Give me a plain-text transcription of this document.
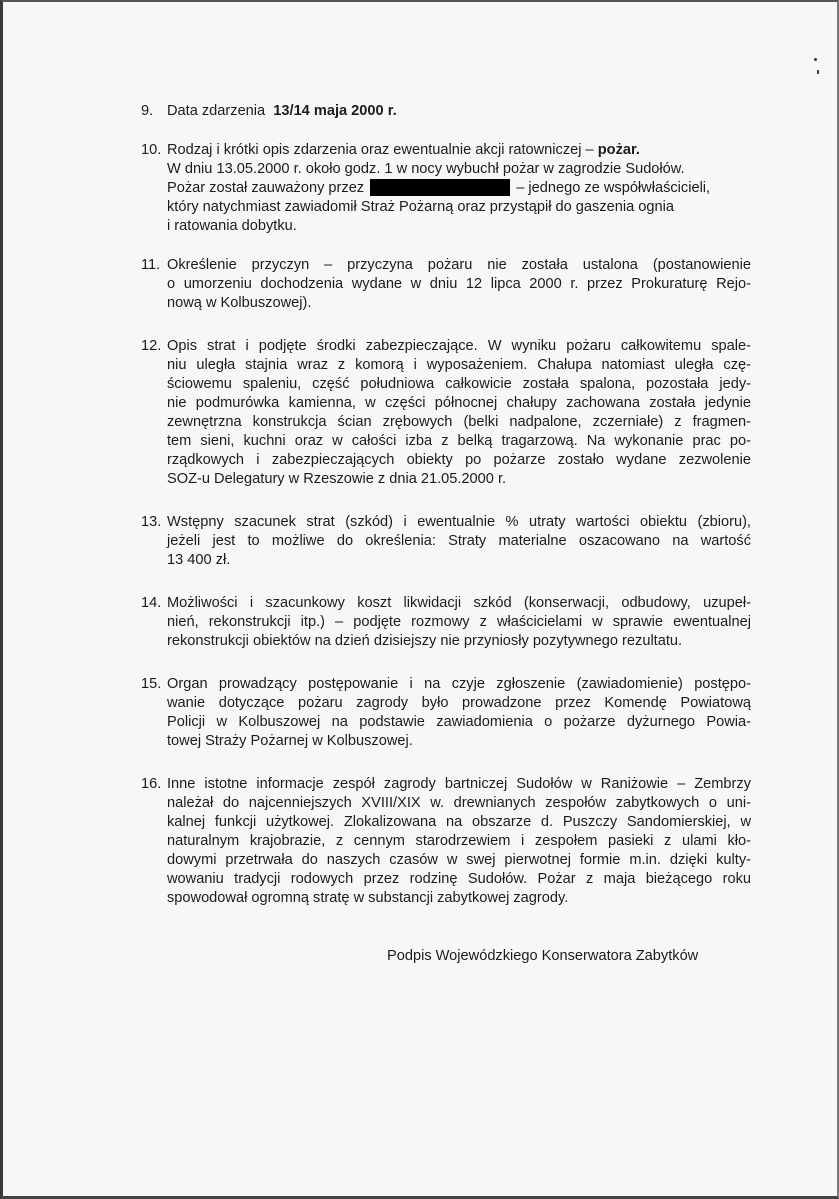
9. Data zdarzenia 13/14 maja 2000 r.
10. Rodzaj i krótki opis zdarzenia oraz ewentualnie akcji ratowniczej – pożar.
W dniu 13.05.2000 r. około godz. 1 w nocy wybuchł pożar w zagrodzie Sudołów.
Pożar został zauważony przez	– jednego ze współwłaścicieli,
który natychmiast zawiadomił Straż Pożarną oraz przystąpił do gaszenia ognia
i ratowania dobytku.
11. Określenie przyczyn – przyczyna pożaru nie została ustalona (postanowienie
o umorzeniu dochodzenia wydane w dniu 12 lipca 2000 r. przez Prokuraturę Rejo-
nową w Kolbuszowej).
12. Opis strat i podjęte środki zabezpieczające. W wyniku pożaru całkowitemu spale-
niu uległa stajnia wraz z komorą i wyposażeniem. Chałupa natomiast uległa czę-
ściowemu spaleniu, część południowa całkowicie została spalona, pozostała jedy-
nie podmurówka kamienna, w części północnej chałupy zachowana została jedynie
zewnętrzna konstrukcja ścian zrębowych (belki nadpalone, zczerniałe) z fragmen-
tem sieni, kuchni oraz w całości izba z belką tragarzową. Na wykonanie prac po-
rządkowych i zabezpieczających obiekty po pożarze zostało wydane zezwolenie
SOZ-u Delegatury w Rzeszowie z dnia 21.05.2000 r.
13. Wstępny szacunek strat (szkód) i ewentualnie % utraty wartości obiektu (zbioru),
jeżeli jest to możliwe do określenia: Straty materialne oszacowano na wartość
13 400 zł.
14. Możliwości i szacunkowy koszt likwidacji szkód (konserwacji, odbudowy, uzupeł-
nień, rekonstrukcji itp.) – podjęte rozmowy z właścicielami w sprawie ewentualnej
rekonstrukcji obiektów na dzień dzisiejszy nie przyniosły pozytywnego rezultatu.
15. Organ prowadzący postępowanie i na czyje zgłoszenie (zawiadomienie) postępo-
wanie dotyczące pożaru zagrody było prowadzone przez Komendę Powiatową
Policji w Kolbuszowej na podstawie zawiadomienia o pożarze dyżurnego Powia-
towej Straży Pożarnej w Kolbuszowej.
16. Inne istotne informacje zespół zagrody bartniczej Sudołów w Raniżowie – Zembrzy
należał do najcenniejszych XVIII/XIX w. drewnianych zespołów zabytkowych o uni-
kalnej funkcji użytkowej. Zlokalizowana na obszarze d. Puszczy Sandomierskiej, w
naturalnym krajobrazie, z cennym starodrzewiem i zespołem pasieki z ulami kło-
dowymi przetrwała do naszych czasów w swej pierwotnej formie m.in. dzięki kulty-
wowaniu tradycji rodowych przez rodzinę Sudołów. Pożar z maja bieżącego roku
spowodował ogromną stratę w substancji zabytkowej zagrody.
Podpis Wojewódzkiego Konserwatora Zabytków
